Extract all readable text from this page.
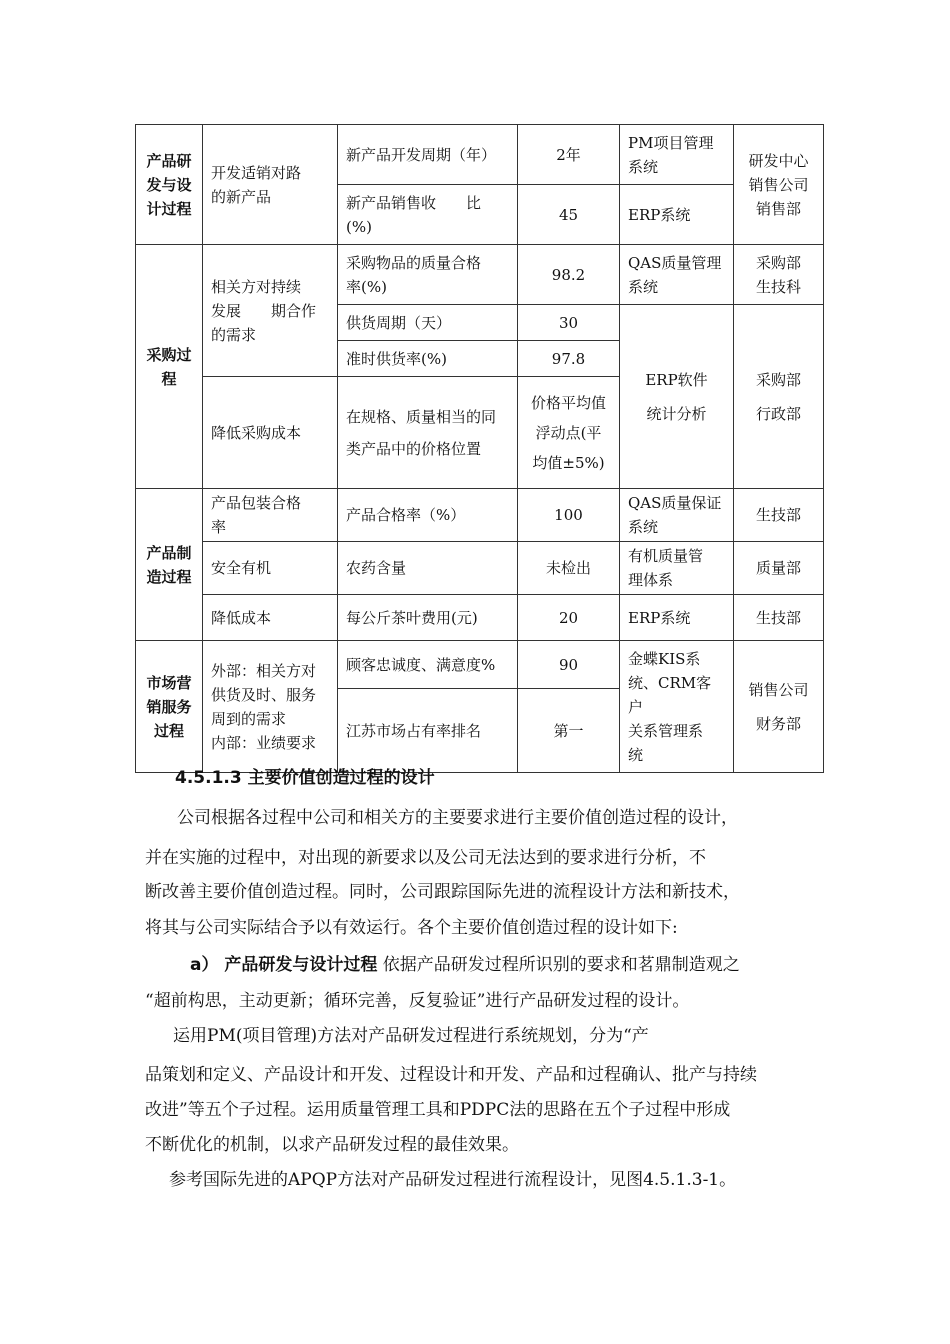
产品研
发与设
计过程	开发适销对路
的新产品	新产品开发周期（年）	2年	PM项目管理
系统	研发中心
销售公司
销售部

		新产品销售收　　比
(%)	45	ERP系统	

采购过
程	相关方对持续
发展　　期合作
的需求	采购物品的质量合格
率(%)	98.2	QAS质量管理
系统	采购部
生技科

		供货周期（天）	30	ERP软件
统计分析	采购部
行政部

		准时供货率(%)	97.8		
	降低采购成本	在规格、质量相当的同
类产品中的价格位置	价格平均值
浮动点(平
均值±5%)		

产品制
造过程	产品包装合格
率	产品合格率（%）	100	QAS质量保证
系统	生技部
	安全有机	农药含量	未检出	有机质量管
理体系	质量部
	降低成本	每公斤茶叶费用(元)	20	ERP系统	生技部

市场营
销服务
过程	外部：相关方对
供货及时、服务
周到的需求
内部：业绩要求	顾客忠诚度、满意度%	90	金蝶KIS系
统、CRM客户
关系管理系
统	销售公司
财务部

		江苏市场占有率排名	第一		
4.5.1.3 主要价值创造过程的设计
公司根据各过程中公司和相关方的主要要求进行主要价值创造过程的设计，
并在实施的过程中，对出现的新要求以及公司无法达到的要求进行分析，不
断改善主要价值创造过程。同时，公司跟踪国际先进的流程设计方法和新技术，
将其与公司实际结合予以有效运行。各个主要价值创造过程的设计如下:
a） 产品研发与设计过程 依据产品研发过程所识别的要求和茗鼎制造观之
“超前构思，主动更新；循环完善，反复验证”进行产品研发过程的设计。
运用PM(项目管理)方法对产品研发过程进行系统规划，分为“产
品策划和定义、产品设计和开发、过程设计和开发、产品和过程确认、批产与持续
改进”等五个子过程。运用质量管理工具和PDPC法的思路在五个子过程中形成
不断优化的机制，以求产品研发过程的最佳效果。
参考国际先进的APQP方法对产品研发过程进行流程设计，见图4.5.1.3-1。
